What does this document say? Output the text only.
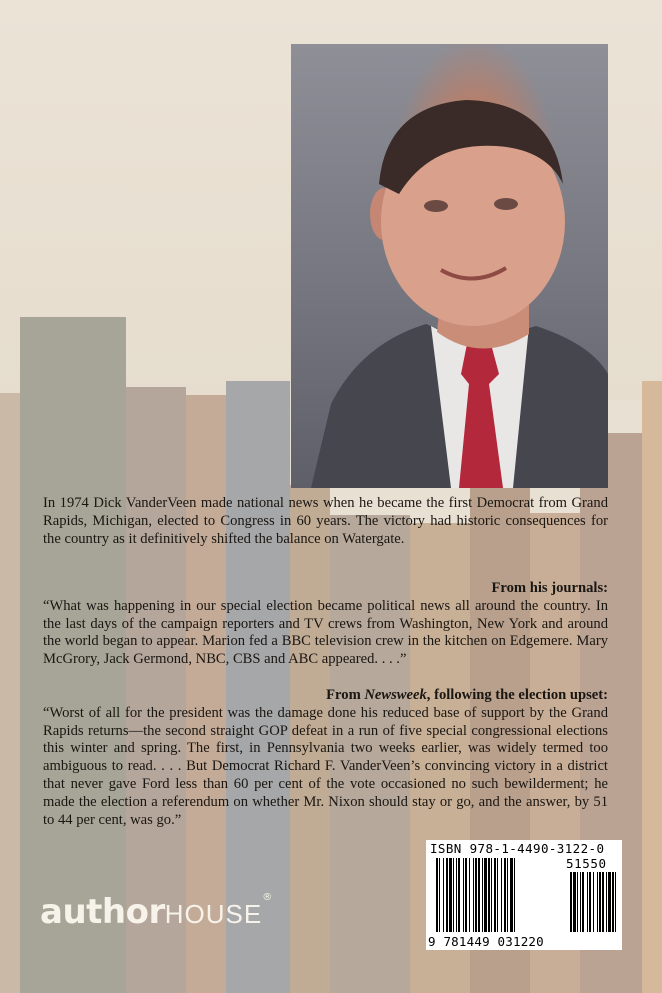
In 1974 Dick VanderVeen made national news when he became the first Democrat from Grand Rapids, Michigan, elected to Congress in 60 years. The victory had historic consequences for the country as it definitively shifted the balance on Watergate.
From his journals:
“What was happening in our special election became political news all around the country. In the last days of the campaign reporters and TV crews from Washington, New York and around the world began to appear. Marion fed a BBC television crew in the kitchen on Edgemere. Mary McGrory, Jack Germond, NBC, CBS and ABC appeared. . . .”
From Newsweek, following the election upset:
“Worst of all for the president was the damage done his reduced base of support by the Grand Rapids returns—the second straight GOP defeat in a run of five special congressional elections this winter and spring. The first, in Pennsylvania two weeks earlier, was widely termed too ambiguous to read. . . . But Democrat Richard F. VanderVeen’s convincing victory in a district that never gave Ford less than 60 per cent of the vote occasioned no such bewilderment; he made the election a referendum on whether Mr. Nixon should stay or go, and the answer, by 51 to 44 per cent, was go.”
authorHOUSE®
ISBN 978-1-4490-3122-0
51550
9 781449 031220
